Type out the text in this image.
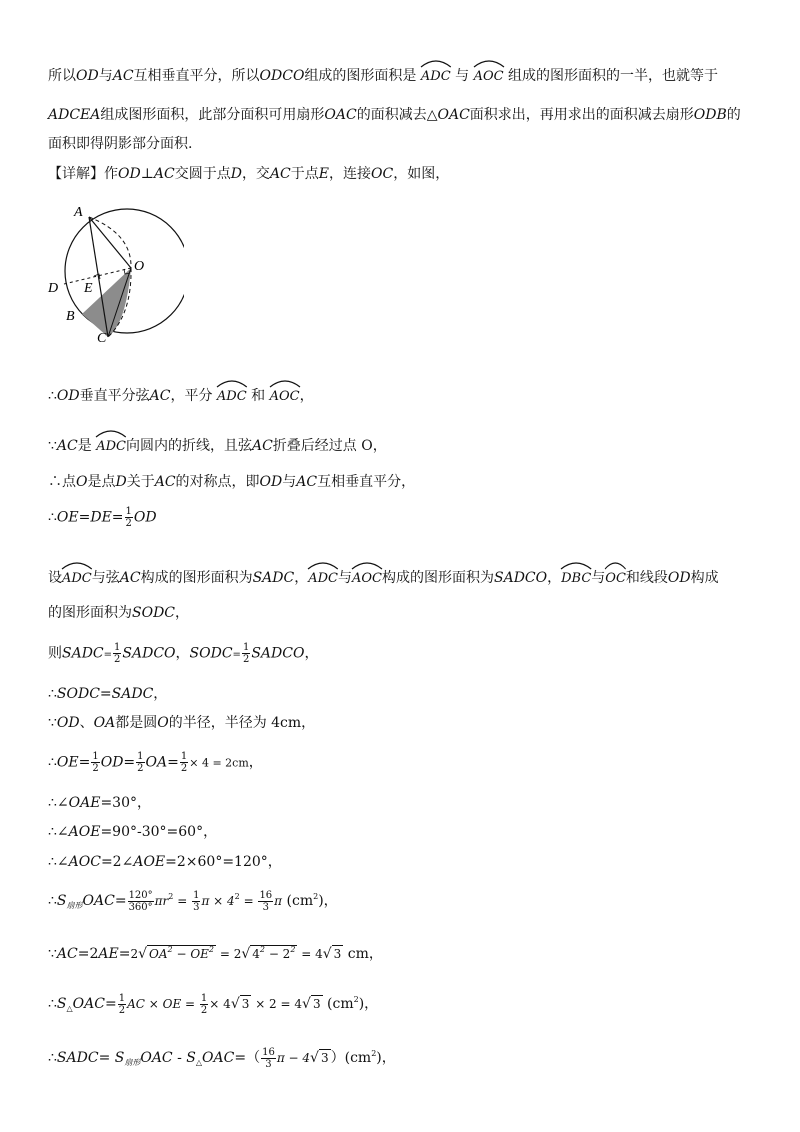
所以OD与AC互相垂直平分，所以ODCO组成的图形面积是 ADC 与 AOC 组成的图形面积的一半，也就等于
ADCEA组成图形面积，此部分面积可用扇形OAC的面积减去△OAC面积求出，再用求出的面积减去扇形ODB的
面积即得阴影部分面积.
【详解】作OD⊥AC交圆于点D，交AC于点E，连接OC，如图，
A
O
D E
B
C
∴OD垂直平分弦AC，平分 ADC 和 AOC，
∵AC是 ADC向圆内的折线，且弦AC折叠后经过点 O，
∴点O是点D关于AC的对称点，即OD与AC互相垂直平分，
∴OE=DE= $\frac{1}{2}$ OD
设
ADC与弦AC构成的图形面积为SADC，
ADC与
AOC构成的图形面积为SADCO，
DBC与
OC和线段OD构成
的图形面积为SODC，
则SADC= $\frac{1}{2}$ SADCO，SODC= $\frac{1}{2}$ SADCO，
∴SODC=SADC，
∵OD、OA都是圆O的半径，半径为 4cm，
∴OE= $\frac{1}{2} OD= \frac{1}{2} OA= \frac{1}{2} \times 4 = 2cm$，
∴∠OAE=30°，
∴∠AOE=90°-30°=60°，
∴∠AOC=2∠AOE=2×60°=120°，
$\therefore S_{扇形}OAC= \frac{120^\circ}{360^\circ} \pi r^2 = \frac{1}{3}$ $\pi \times 4^2 = \frac{16}{3}$ π $(cm^2)$，
∵AC=2AE=2√ $OA^2 - OE^2 = 2√$ $4^2 - 2^2 = 4√$ 3 cm，
$\therefore S_\triangle OAC= \frac{1}{2}$ AC × OE = $\frac{1}{2} \times 4√$ 3 × 2 = 4√ 3 $(cm^2)$，
∴SADC= $S_{扇形}OAC - S_\triangle OAC=( \frac{16}{3}$ π − 4√ 3 ）$(cm^2)$，
